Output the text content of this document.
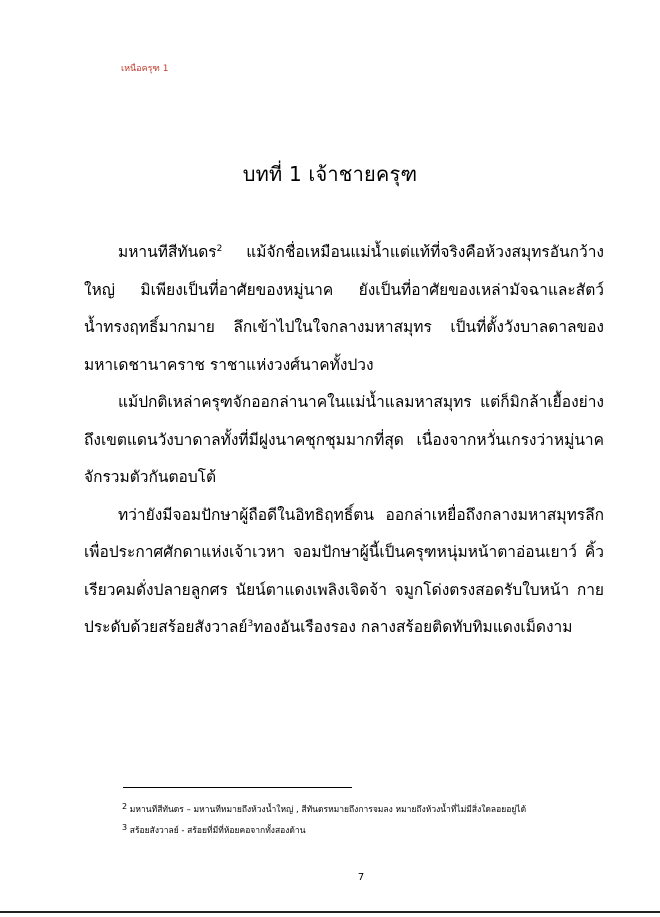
เหนือครุฑ 1
บทที่ 1 เจ้าชายครุฑ

มหานทีสีทันดร$^2$ แม้จักชื่อเหมือนแม่น้ำแต่แท้ที่จริงคือห้วงสมุทรอันกว้างใหญ่ มิเพียงเป็นที่อาศัยของหมู่นาค ยังเป็นที่อาศัยของเหล่ามัจฉาและสัตว์น้ำทรงฤทธิ์มากมาย ลึกเข้าไปในใจกลางมหาสมุทร เป็นที่ตั้งวังบาลดาลของมหาเดชานาคราช ราชาแห่งวงศ์นาคทั้งปวง

แม้ปกติเหล่าครุฑจักออกล่านาคในแม่น้ำแลมหาสมุทร แต่ก็มิกล้าเยื้องย่างถึงเขตแดนวังบาดาลทั้งที่มีฝูงนาคชุกชุมมากที่สุด เนื่องจากหวั่นเกรงว่าหมู่นาคจักรวมตัวกันตอบโต้

ทว่ายังมีจอมปักษาผู้ถือดีในอิทธิฤทธิ์ตน ออกล่าเหยื่อถึงกลางมหาสมุทรลึกเพื่อประกาศศักดาแห่งเจ้าเวหา จอมปักษาผู้นี้เป็นครุฑหนุ่มหน้าตาอ่อนเยาว์ คิ้วเรียวคมดั่งปลายลูกศร นัยน์ตาแดงเพลิงเจิดจ้า จมูกโด่งตรงสอดรับใบหน้า กายประดับด้วยสร้อยสังวาลย์$^3$ทองอันเรืองรอง กลางสร้อยติดทับทิมแดงเม็ดงาม

2 มหานทีสีทันดร – มหานทีหมายถึงห้วงน้ำใหญ่ , สีทันดรหมายถึงการจมลง หมายถึงห้วงน้ำที่ไม่มีสิ่งใดลอยอยู่ได้

3 สร้อยสังวาลย์ - สร้อยที่มีที่ห้อยคอจากทั้งสองด้าน

7
